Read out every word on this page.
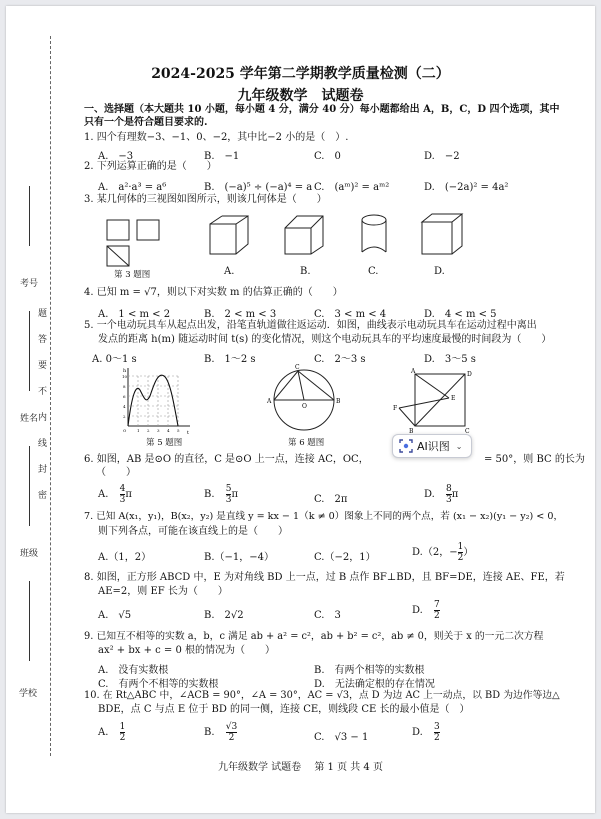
学校
班级
姓名
考号
题
答
要
不
内
线
封
密
2024-2025 学年第二学期教学质量检测（二）
九年级数学　试题卷
一、选择题（本大题共 10 小题，每小题 4 分，满分 40 分）每小题都给出 A，B，C，D 四个选项，其中
只有一个是符合题目要求的.
1. 四个有理数−3、−1、0、−2，其中比−2 小的是（　）.
A.　−3	B.　−1	C.　0	D.　−2
2. 下列运算正确的是（　　）
A.　a²·a³ = a⁶	B.　(−a)⁵ ÷ (−a)⁴ = a C.　(aᵐ)² = aᵐ²	D.　(−2a)² = 4a²
3. 某几何体的三视图如图所示，则该几何体是（　　）
第 3 题图	A.	B.	C.	D.
4. 已知 m = √7，则以下对实数 m 的估算正确的（　　）
A.　1 < m < 2	B.　2 < m < 3	C.　3 < m < 4	D.　4 < m < 5
5. 一个电动玩具车从起点出发，沿笔直轨道做往返运动．如图，曲线表示电动玩具车在运动过程中离出
发点的距离 h(m) 随运动时间 t(s) 的变化情况，则这个电动玩具车的平均速度最慢的时间段为（　　）
A. 0～1 s	B.　1～2 s	C.　2～3 s	D.　3～5 s
h
t
10
8
6
4
2
O	1 2 3 4 5
第 5 题图
A	B
C
O
第 6 题图
A	D
E
F
B	C
6. 如图，AB 是⊙O 的直径，C 是⊙O 上一点，连接 AC，OC，	= 50°，则 BC 的长为
（　　）
A. $\frac{4}{3}$ π	B. $\frac{5}{3}$ π	C.　2π	D. $\frac{8}{3}$ π
7. 已知 A(x₁，y₁)，B(x₂，y₂) 是直线 y = kx − 1（k ≠ 0）图象上不同的两个点，若 (x₁ − x₂)(y₁ − y₂) < 0，
则下列各点，可能在该直线上的是（　　）
A.（1，2）	B.（−1，−4）	C.（−2，1）	D.（2，− $\frac{1}{2}$ ）
8. 如图，正方形 ABCD 中，E 为对角线 BD 上一点，过 B 点作 BF⊥BD，且 BF=DE，连接 AE、FE，若
AE=2，则 EF 长为（　　）
A.　√5	B.　2√2	C.　3	D. $\frac{7}{2}$
9. 已知互不相等的实数 a，b，c 满足 ab + a² = c²，ab + b² = c²，ab ≠ 0，则关于 x 的一元二次方程
ax² + bx + c = 0 根的情况为（　　）
A.　没有实数根	B.　有两个相等的实数根
C.　有两个不相等的实数根	D.　无法确定根的存在情况
10. 在 Rt△ABC 中，∠ACB = 90°，∠A = 30°，AC = √3，点 D 为边 AC 上一动点，以 BD 为边作等边△
BDE，点 C 与点 E 位于 BD 的同一侧，连接 CE，则线段 CE 长的最小值是（　）
A. $\frac{1}{2}$	B. $\frac{√3}{2}$	C.　√3 − 1	D. $\frac{3}{2}$
九年级数学 试题卷　 第 1 页 共 4 页
AI识图 ⌄
